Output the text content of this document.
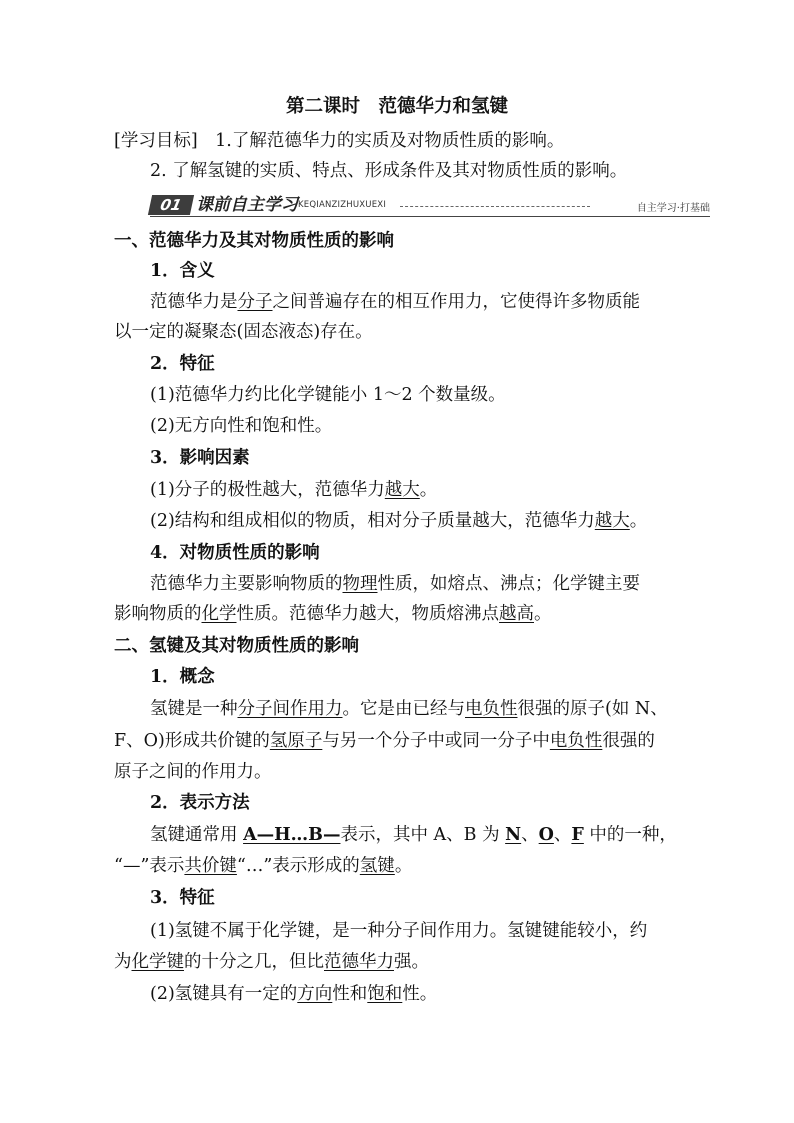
第二课时　范德华力和氢键
[学习目标]　1.了解范德华力的实质及对物质性质的影响。
2. 了解氢键的实质、特点、形成条件及其对物质性质的影响。
01 课前自主学习 KEQIANZIZHUXUEXI	自主学习·打基础
一、范德华力及其对物质性质的影响
1．含义
范德华力是分子之间普遍存在的相互作用力，它使得许多物质能
以一定的凝聚态(固态液态)存在。
2．特征
(1)范德华力约比化学键能小 1～2 个数量级。
(2)无方向性和饱和性。
3．影响因素
(1)分子的极性越大，范德华力越大。
(2)结构和组成相似的物质，相对分子质量越大，范德华力越大。
4．对物质性质的影响
范德华力主要影响物质的物理性质，如熔点、沸点；化学键主要
影响物质的化学性质。范德华力越大，物质熔沸点越高。
二、氢键及其对物质性质的影响
1．概念
氢键是一种分子间作用力。它是由已经与电负性很强的原子(如 N、
F、O)形成共价键的氢原子与另一个分子中或同一分子中电负性很强的
原子之间的作用力。
2．表示方法
氢键通常用 A—H…B—表示，其中 A、B 为 N、O、F 中的一种，
“—”表示共价键“…”表示形成的氢键。
3．特征
(1)氢键不属于化学键，是一种分子间作用力。氢键键能较小，约
为化学键的十分之几，但比范德华力强。
(2)氢键具有一定的方向性和饱和性。
